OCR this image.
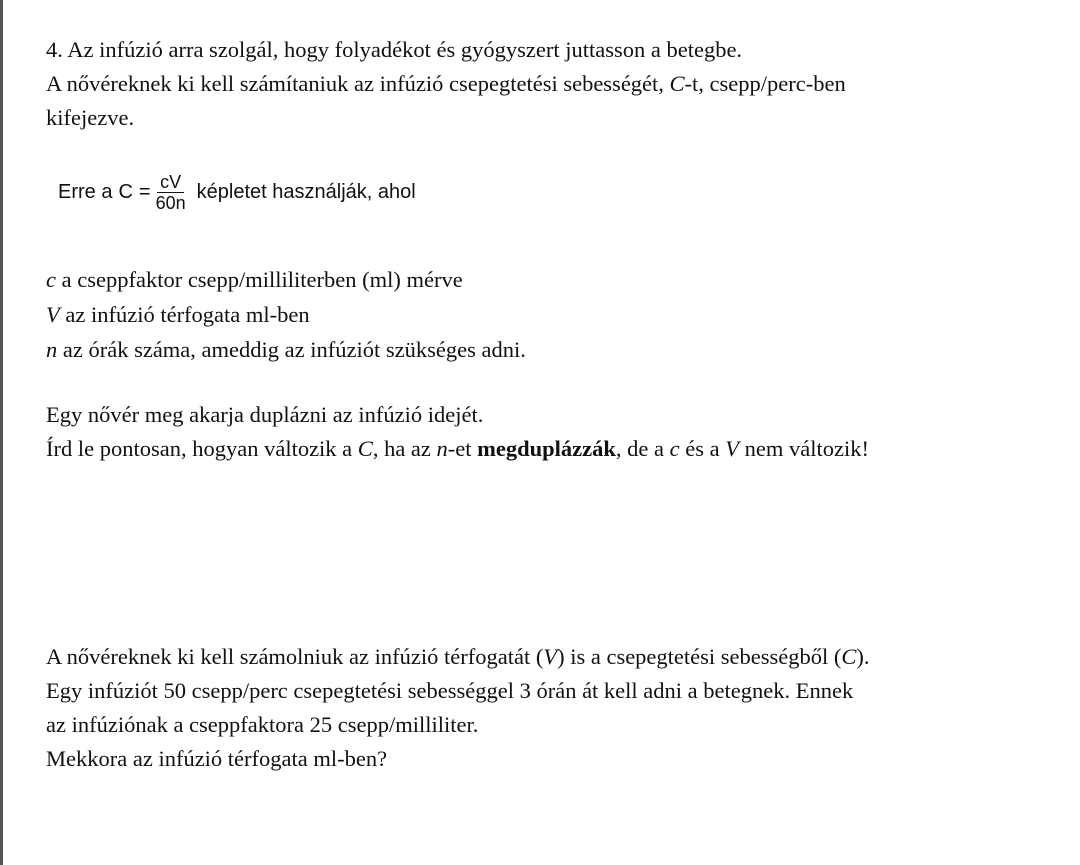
4. Az infúzió arra szolgál, hogy folyadékot és gyógyszert juttasson a betegbe.
A nővéreknek ki kell számítaniuk az infúzió csepegtetési sebességét, C-t, csepp/perc-ben
kifejezve.
Erre a $C = \frac{cV}{60n}$ képletet használják, ahol
c a cseppfaktor csepp/milliliterben (ml) mérve
V az infúzió térfogata ml-ben
n az órák száma, ameddig az infúziót szükséges adni.
Egy nővér meg akarja duplázni az infúzió idejét.
Írd le pontosan, hogyan változik a C, ha az n-et megduplázzák, de a c és a V nem változik!
A nővéreknek ki kell számolniuk az infúzió térfogatát (V) is a csepegtetési sebességből (C).
Egy infúziót 50 csepp/perc csepegtetési sebességgel 3 órán át kell adni a betegnek. Ennek
az infúziónak a cseppfaktora 25 csepp/milliliter.
Mekkora az infúzió térfogata ml-ben?
